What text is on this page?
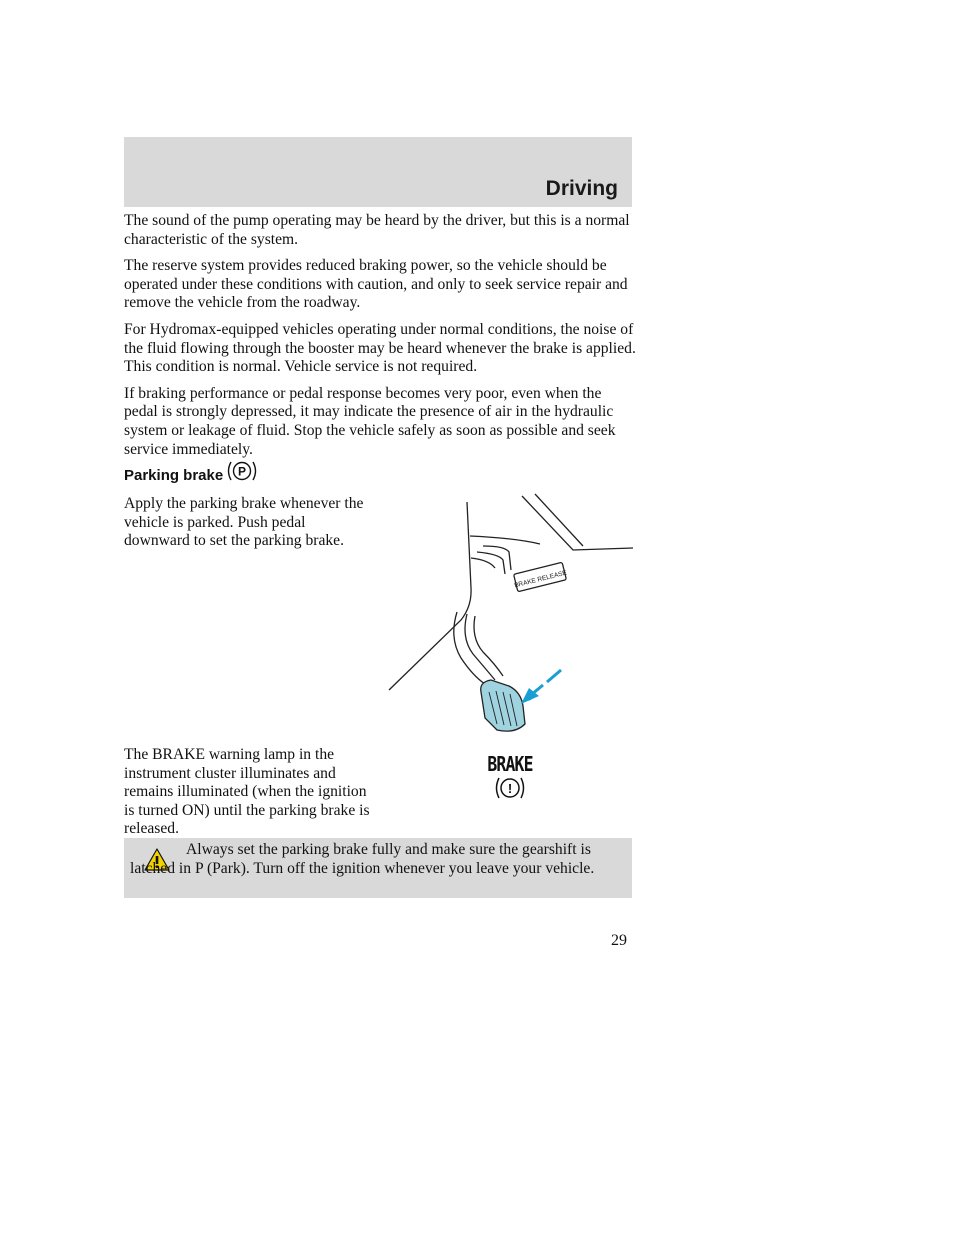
Driving

The sound of the pump operating may be heard by the driver, but this is a normal characteristic of the system.

The reserve system provides reduced braking power, so the vehicle should be operated under these conditions with caution, and only to seek service repair and remove the vehicle from the roadway.

For Hydromax-equipped vehicles operating under normal conditions, the noise of the fluid flowing through the booster may be heard whenever the brake is applied. This condition is normal. Vehicle service is not required.

If braking performance or pedal response becomes very poor, even when the pedal is strongly depressed, it may indicate the presence of air in the hydraulic system or leakage of fluid. Stop the vehicle safely as soon as possible and seek service immediately.

Parking brake P

Apply the parking brake whenever the vehicle is parked. Push pedal downward to set the parking brake.

BRAKE RELEASE

The BRAKE warning lamp in the instrument cluster illuminates and remains illuminated (when the ignition is turned ON) until the parking brake is released.

BRAKE
!

Always set the parking brake fully and make sure the gearshift is latched in P (Park). Turn off the ignition whenever you leave your vehicle.

29
